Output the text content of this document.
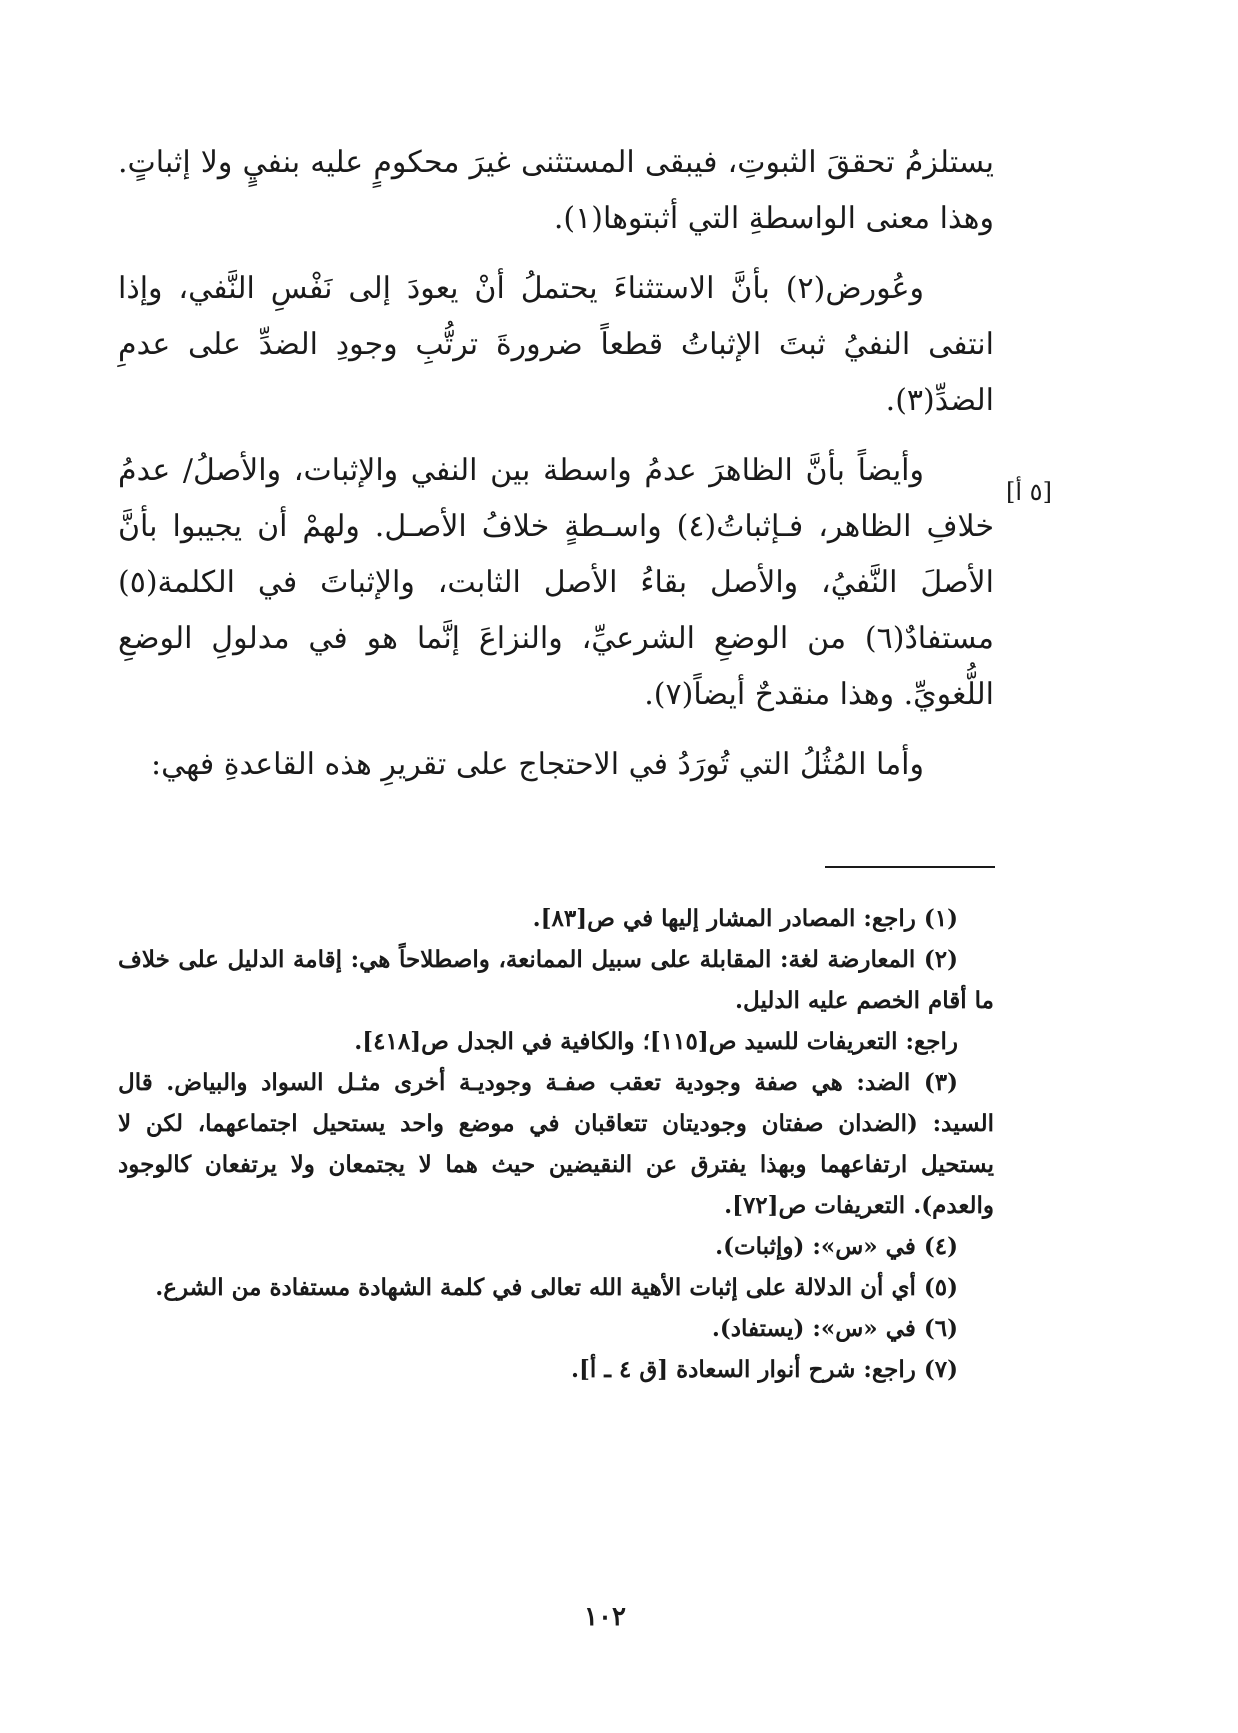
[٥ أ]

يستلزمُ تحققَ الثبوتِ، فيبقى المستثنى غيرَ محكومٍ عليه بنفيٍ ولا إثباتٍ. وهذا معنى الواسطةِ التي أثبتوها(١).

وعُورض(٢) بأنَّ الاستثناءَ يحتملُ أنْ يعودَ إلى نَفْسِ النَّفي، وإذا انتفى النفيُ ثبتَ الإثباتُ قطعاً ضرورةَ ترتُّبِ وجودِ الضدِّ على عدمِ الضدِّ(٣).

وأيضاً بأنَّ الظاهرَ عدمُ واسطة بين النفي والإثبات، والأصلُ/ عدمُ خلافِ الظاهر، فـإثباتُ(٤) واسـطةٍ خلافُ الأصـل. ولهمْ أن يجيبوا بأنَّ الأصلَ النَّفيُ، والأصل بقاءُ الأصل الثابت، والإثباتَ في الكلمة(٥) مستفادٌ(٦) من الوضعِ الشرعيِّ، والنزاعَ إنَّما هو في مدلولِ الوضعِ اللُّغويِّ. وهذا منقدحٌ أيضاً(٧).

وأما المُثُلُ التي تُورَدُ في الاحتجاج على تقريرِ هذه القاعدةِ فهي:

(١) راجع: المصادر المشار إليها في ص[٨٣].

(٢) المعارضة لغة: المقابلة على سبيل الممانعة، واصطلاحاً هي: إقامة الدليل على خلاف ما أقام الخصم عليه الدليل.

راجع: التعريفات للسيد ص[١١٥]؛ والكافية في الجدل ص[٤١٨].

(٣) الضد: هي صفة وجودية تعقب صفـة وجوديـة أخرى مثـل السواد والبياض. قال السيد: (الضدان صفتان وجوديتان تتعاقبان في موضع واحد يستحيل اجتماعهما، لكن لا يستحيل ارتفاعهما وبهذا يفترق عن النقيضين حيث هما لا يجتمعان ولا يرتفعان كالوجود والعدم). التعريفات ص[٧٢].

(٤) في «س»: (وإثبات).

(٥) أي أن الدلالة على إثبات الأهية الله تعالى في كلمة الشهادة مستفادة من الشرع.

(٦) في «س»: (يستفاد).

(٧) راجع: شرح أنوار السعادة [ق ٤ ـ أ].

١٠٢
